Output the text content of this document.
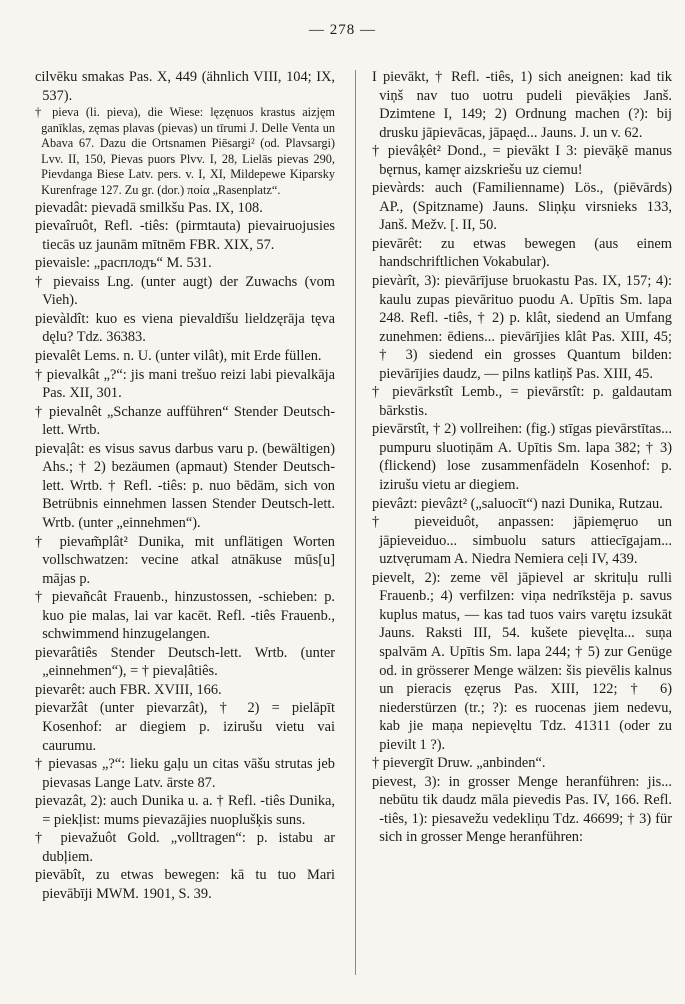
— 278 —

cilvēku smakas Pas. X, 449 (ähnlich VIII, 104; IX, 537).

† pieva (li. pieva), die Wiese: lęzęnuos krastus aizjęm ganīklas, zęmas plavas (pievas) un tīrumi J. Delle Venta un Abava 67. Dazu die Ortsnamen Piēsargi² (od. Plavsargi) Lvv. II, 150, Pievas puors Plvv. I, 28, Lielās pievas 290, Pievdanga Biese Latv. pers. v. I, XI, Mildepewe Kiparsky Kurenfrage 127. Zu gr. (dor.) ποία „Rasenplatz“.

pievadât: pievadā smilkšu Pas. IX, 108.

pievaîruôt, Refl. -tiês: (pirmtauta) pievairuojusies tiecās uz jaunām mītnēm FBR. XIX, 57.

pievaisle: „расплодъ“ M. 531.

† pievaiss Lng. (unter augt) der Zuwachs (vom Vieh).

pievàldît: kuo es viena pievaldīšu lieldzęrāja tęva dęlu? Tdz. 36383.

pievalêt Lems. n. U. (unter vilât), mit Erde füllen.

† pievalkât „?“: jis mani trešuo reizi labi pievalkāja Pas. XII, 301.

† pievalnêt „Schanze aufführen“ Stender Deutsch-lett. Wrtb.

pievaļât: es visus savus darbus varu p. (bewältigen) Ahs.; † 2) bezäumen (apmaut) Stender Deutsch-lett. Wrtb. † Refl. -tiês: p. nuo bēdām, sich von Betrübnis einnehmen lassen Stender Deutsch-lett. Wrtb. (unter „einnehmen“).

† pievam̃plât² Dunika, mit unflätigen Worten vollschwatzen: vecine atkal atnākuse mūs[u] mājas p.

† pievañcât Frauenb., hinzustossen, -schieben: p. kuo pie malas, lai var kacēt. Refl. -tiês Frauenb., schwimmend hinzugelangen.

pievarâtiês Stender Deutsch-lett. Wrtb. (unter „einnehmen“), = † pievaļâtiês.

pievarêt: auch FBR. XVIII, 166.

pievaržât (unter pievarzât), † 2) = pielāpīt Kosenhof: ar diegiem p. izirušu vietu vai caurumu.

† pievasas „?“: lieku gaļu un citas vāšu strutas jeb pievasas Lange Latv. ārste 87.

pievazât, 2): auch Dunika u. a. † Refl. -tiês Dunika, = piekļist: mums pievazājies nuoplušķis suns.

† pievažuôt Gold. „volltragen“: p. istabu ar dubļiem.

pievābît, zu etwas bewegen: kā tu tuo Mari pievābīji MWM. 1901, S. 39.

I pievākt, † Refl. -tiês, 1) sich aneignen: kad tik viņš nav tuo uotru pudeli pievāķies Janš. Dzimtene I, 149; 2) Ordnung machen (?): bij drusku jāpievācas, jāpaęd... Jauns. J. un v. 62.

† pievâķêt² Dond., = pievākt I 3: pievāķē manus bęrnus, kamęr aizskriešu uz ciemu!

pievàrds: auch (Familienname) Lös., (piēvārds) AP., (Spitzname) Jauns. Sliņķu virsnieks 133, Janš. Mežv. [. II, 50.

pievārêt: zu etwas bewegen (aus einem handschriftlichen Vokabular).

pievàrît, 3): pievārījuse bruokastu Pas. IX, 157; 4): kaulu zupas pievārituo puodu A. Upītis Sm. lapa 248. Refl. -tiês, † 2) p. klât, siedend an Umfang zunehmen: ēdiens... pievārījies klât Pas. XIII, 45; † 3) siedend ein grosses Quantum bilden: pievārījies daudz, — pilns katliņš Pas. XIII, 45.

† pievārkstît Lemb., = pievārstît: p. galdautam bārkstis.

pievārstît, † 2) vollreihen: (fig.) stīgas pievārstītas... pumpuru sluotiņām A. Upītis Sm. lapa 382; † 3) (flickend) lose zusammenfädeln Kosenhof: p. izirušu vietu ar diegiem.

pievâzt: pievâzt² („saluocīt“) nazi Dunika, Rutzau.

† pieveiduôt, anpassen: jāpiemęruo un jāpieveiduo... simbuolu saturs attiecīgajam... uztvęrumam A. Niedra Nemiera ceļi IV, 439.

pievelt, 2): zeme vēl jāpievel ar skrituļu rulli Frauenb.; 4) verfilzen: viņa nedrīkstēja p. savus kuplus matus, — kas tad tuos vairs varętu izsukāt Jauns. Raksti III, 54. kušete pievęlta... suņa spalvām A. Upītis Sm. lapa 244; † 5) zur Genüge od. in grösserer Menge wälzen: šis pievēlis kalnus un pieracis ęzęrus Pas. XIII, 122; † 6) niederstürzen (tr.; ?): es ruocenas jiem nedevu, kab jie maņa nepievęltu Tdz. 41311 (oder zu pievilt 1 ?).

† pievergīt Druw. „anbinden“.

pievest, 3): in grosser Menge heranführen: jis... nebūtu tik daudz māla pievedis Pas. IV, 166. Refl. -tiês, 1): piesavežu vedekliņu Tdz. 46699; † 3) für sich in grosser Menge heranführen:
